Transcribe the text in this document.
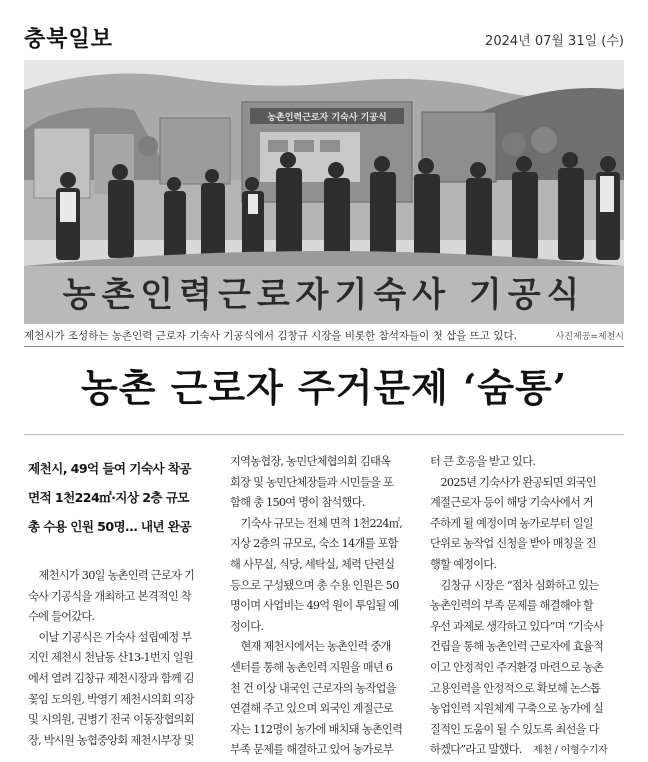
충북일보	2024년 07월 31일 (수)
농촌인력근로자 기숙사 기공식
농촌인력근로자기숙사 기공식
제천시가 조성하는 농촌인력 근로자 기숙사 기공식에서 김창규 시장을 비롯한 참석자들이 첫 삽을 뜨고 있다.	사진제공=제천시
농촌 근로자 주거문제 ‘숨통’
제천시, 49억 들여 기숙사 착공
면적 1천224㎡·지상 2층 규모
총 수용 인원 50명… 내년 완공

　제천시가 30일 농촌인력 근로자 기

숙사 기공식을 개최하고 본격적인 착

수에 들어갔다.

　이날 기공식은 기숙사 설립예정 부

지인 제천시 천남동 산13-1번지 일원

에서 열려 김창규 제천시장과 함께 김

꽃임 도의원, 박영기 제천시의회 의장

및 시의원, 권병기 전국 이동장협의회

장, 박시원 농협중앙회 제천시부장 및

지역농협장, 농민단체협의회 김태옥

회장 및 농민단체장들과 시민들을 포

함해 총 150여 명이 참석했다.

　기숙사 규모는 전체 면적 1천224㎡,

지상 2층의 규모로, 숙소 14개를 포함

해 사무실, 식당, 세탁실, 체력 단련실

등으로 구성됐으며 총 수용 인원은 50

명이며 사업비는 49억 원이 투입될 예

정이다.

　현재 제천시에서는 농촌인력 중개

센터를 통해 농촌인력 지원을 매년 6

천 건 이상 내국인 근로자의 농작업을

연결해 주고 있으며 외국인 계절근로

자는 112명이 농가에 배치돼 농촌인력

부족 문제를 해결하고 있어 농가로부

터 큰 호응을 받고 있다.

　2025년 기숙사가 완공되면 외국인

계절근로자 등이 해당 기숙사에서 거

주하게 될 예정이며 농가로부터 일일

단위로 농작업 신청을 받아 매칭을 진

행할 예정이다.

　김창규 시장은 “점차 심화하고 있는

농촌인력의 부족 문제를 해결해야 할

우선 과제로 생각하고 있다”며 “기숙사

건립을 통해 농촌인력 근로자에 효율적

이고 안정적인 주거환경 마련으로 농촌

고용인력을 안정적으로 확보해 논스톱

농업인력 지원체계 구축으로 농가에 실

질적인 도움이 될 수 있도록 최선을 다

하겠다”라고 말했다. 제천 / 이형수기자
